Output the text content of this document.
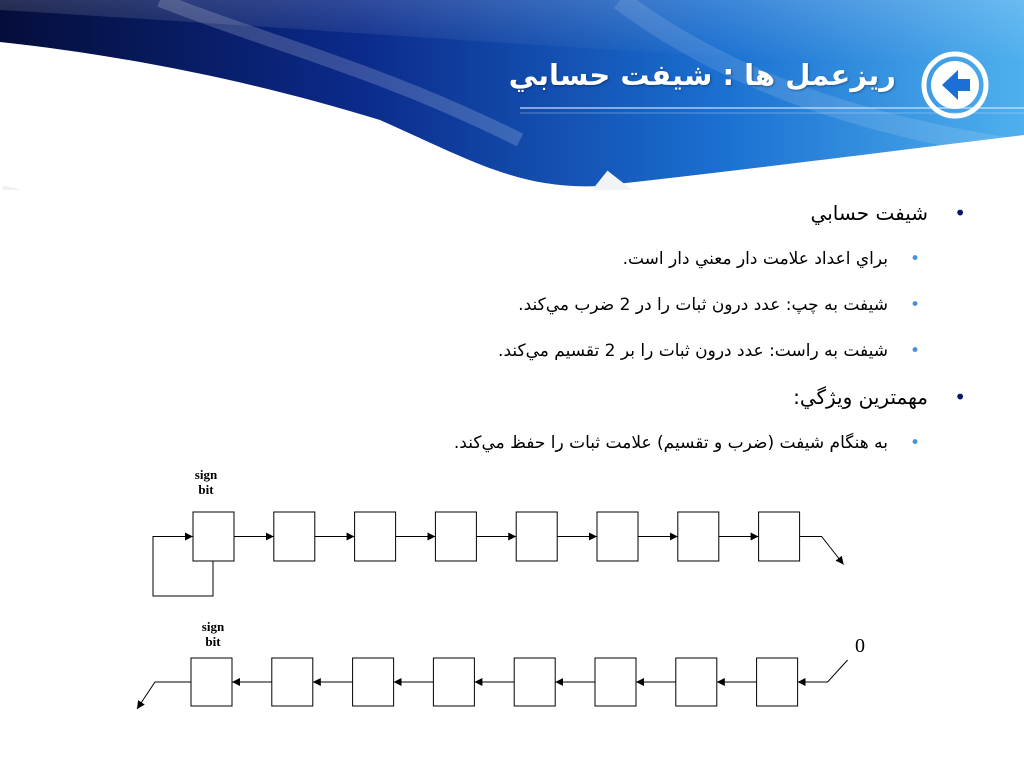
ريزعمل ها : شيفت حسابي
•
شيفت حسابي
•
براي اعداد علامت دار معني دار است.
•
شيفت به چپ: عدد درون ثبات را در 2 ضرب مي‌كند.
•
شيفت به راست: عدد درون ثبات را بر 2 تقسيم مي‌كند.
•
مهمترين ويژگي:
•
به هنگام شيفت (ضرب و تقسيم) علامت ثبات را حفظ مي‌كند.
sign
bit
sign
bit	0
